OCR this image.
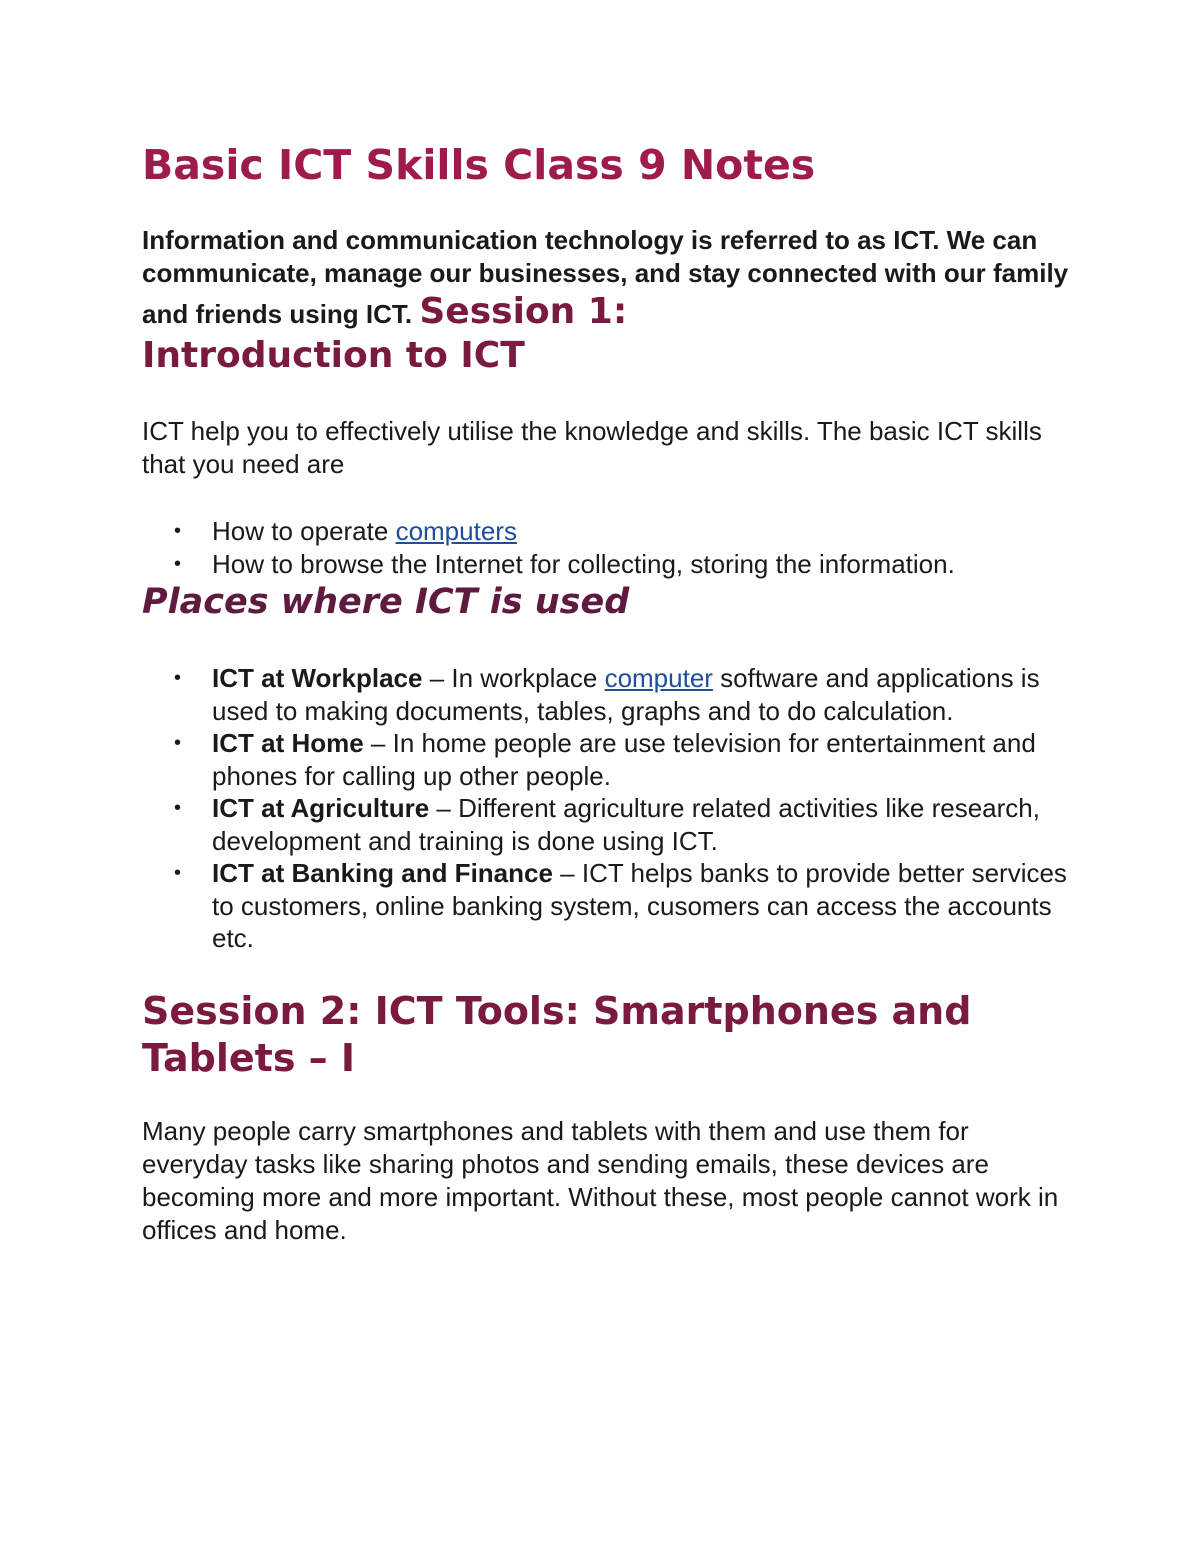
Basic ICT Skills Class 9 Notes

Information and communication technology is referred to as ICT. We can communicate, manage our businesses, and stay connected with our family and friends using ICT. Session 1:
Introduction to ICT

ICT help you to effectively utilise the knowledge and skills. The basic ICT skills that you need are

• How to operate computers
• How to browse the Internet for collecting, storing the information.
Places where ICT is used
• ICT at Workplace – In workplace computer software and applications is used to making documents, tables, graphs and to do calculation.
• ICT at Home – In home people are use television for entertainment and phones for calling up other people.
• ICT at Agriculture – Different agriculture related activities like research, development and training is done using ICT.
• ICT at Banking and Finance – ICT helps banks to provide better services to customers, online banking system, cusomers can access the accounts etc.
Session 2: ICT Tools: Smartphones and Tablets – I

Many people carry smartphones and tablets with them and use them for everyday tasks like sharing photos and sending emails, these devices are becoming more and more important. Without these, most people cannot work in offices and home.
